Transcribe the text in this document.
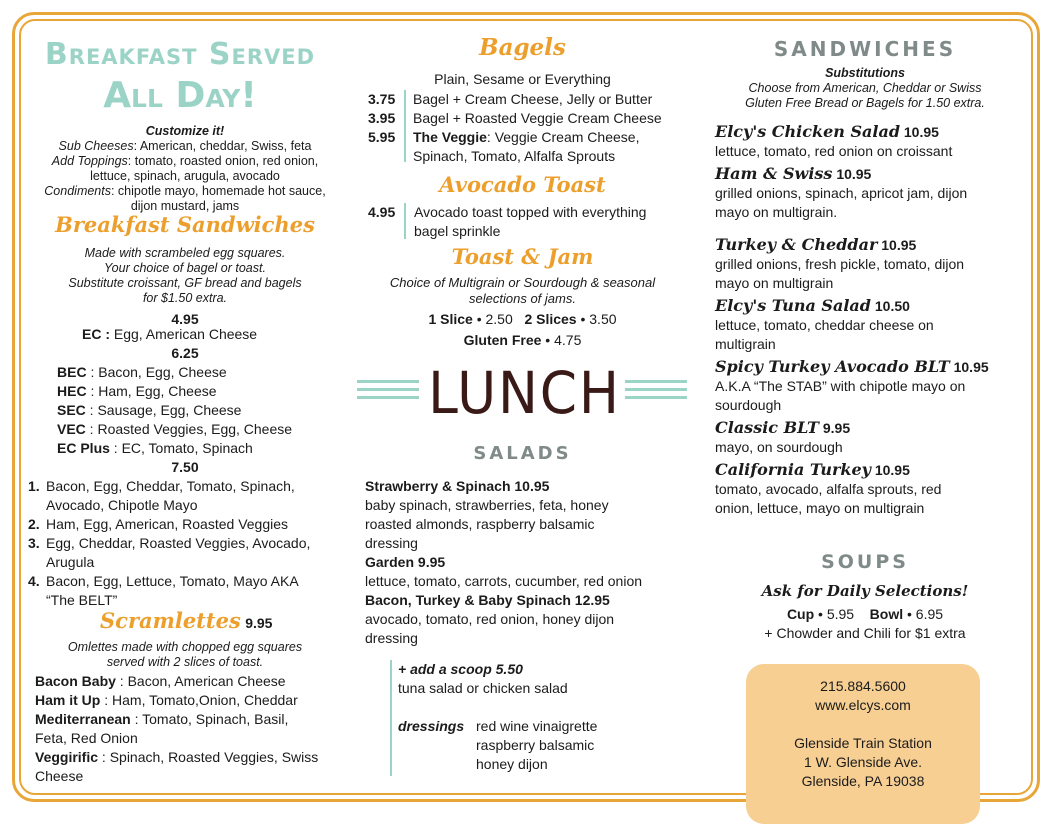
Breakfast Served
All Day!
Customize it!
Sub Cheeses: American, cheddar, Swiss, feta
Add Toppings: tomato, roasted onion, red onion,
lettuce, spinach, arugula, avocado
Condiments: chipotle mayo, homemade hot sauce,
dijon mustard, jams
Breakfast Sandwiches
Made with scrambeled egg squares.
Your choice of bagel or toast.
Substitute croissant, GF bread and bagels
for $1.50 extra.
4.95
EC : Egg, American Cheese
6.25
BEC : Bacon, Egg, Cheese
HEC : Ham, Egg, Cheese
SEC : Sausage, Egg, Cheese
VEC : Roasted Veggies, Egg, Cheese
EC Plus : EC, Tomato, Spinach
7.50
1. Bacon, Egg, Cheddar, Tomato, Spinach,
Avocado, Chipotle Mayo
2. Ham, Egg, American, Roasted Veggies
3. Egg, Cheddar, Roasted Veggies, Avocado,
Arugula
4. Bacon, Egg, Lettuce, Tomato, Mayo AKA
“The BELT”
Scramlettes 9.95
Omlettes made with chopped egg squares
served with 2 slices of toast.
Bacon Baby : Bacon, American Cheese
Ham it Up : Ham, Tomato,Onion, Cheddar
Mediterranean : Tomato, Spinach, Basil,
Feta, Red Onion
Veggirific : Spinach, Roasted Veggies, Swiss
Cheese
Bagels
Plain, Sesame or Everything
3.75 Bagel + Cream Cheese, Jelly or Butter
3.95 Bagel + Roasted Veggie Cream Cheese
5.95 The Veggie: Veggie Cream Cheese,
Spinach, Tomato, Alfalfa Sprouts
Avocado Toast
4.95 Avocado toast topped with everything
bagel sprinkle
Toast & Jam
Choice of Multigrain or Sourdough & seasonal
selections of jams.
1 Slice • 2.50 2 Slices • 3.50
Gluten Free • 4.75
LUNCH
SALADS
Strawberry & Spinach 10.95
baby spinach, strawberries, feta, honey
roasted almonds, raspberry balsamic
dressing
Garden 9.95
lettuce, tomato, carrots, cucumber, red onion
Bacon, Turkey & Baby Spinach 12.95
avocado, tomato, red onion, honey dijon
dressing
+ add a scoop 5.50
tuna salad or chicken salad
dressings red wine vinaigrette
raspberry balsamic
honey dijon
SANDWICHES
Substitutions
Choose from American, Cheddar or Swiss
Gluten Free Bread or Bagels for 1.50 extra.
Elcy's Chicken Salad 10.95
lettuce, tomato, red onion on croissant
Ham & Swiss 10.95
grilled onions, spinach, apricot jam, dijon
mayo on multigrain.
Turkey & Cheddar 10.95
grilled onions, fresh pickle, tomato, dijon
mayo on multigrain
Elcy's Tuna Salad 10.50
lettuce, tomato, cheddar cheese on
multigrain
Spicy Turkey Avocado BLT 10.95
A.K.A “The STAB” with chipotle mayo on
sourdough
Classic BLT 9.95
mayo, on sourdough
California Turkey 10.95
tomato, avocado, alfalfa sprouts, red
onion, lettuce, mayo on multigrain
SOUPS
Ask for Daily Selections!
Cup • 5.95 Bowl • 6.95
+ Chowder and Chili for $1 extra
215.884.5600
www.elcys.com
Glenside Train Station
1 W. Glenside Ave.
Glenside, PA 19038
